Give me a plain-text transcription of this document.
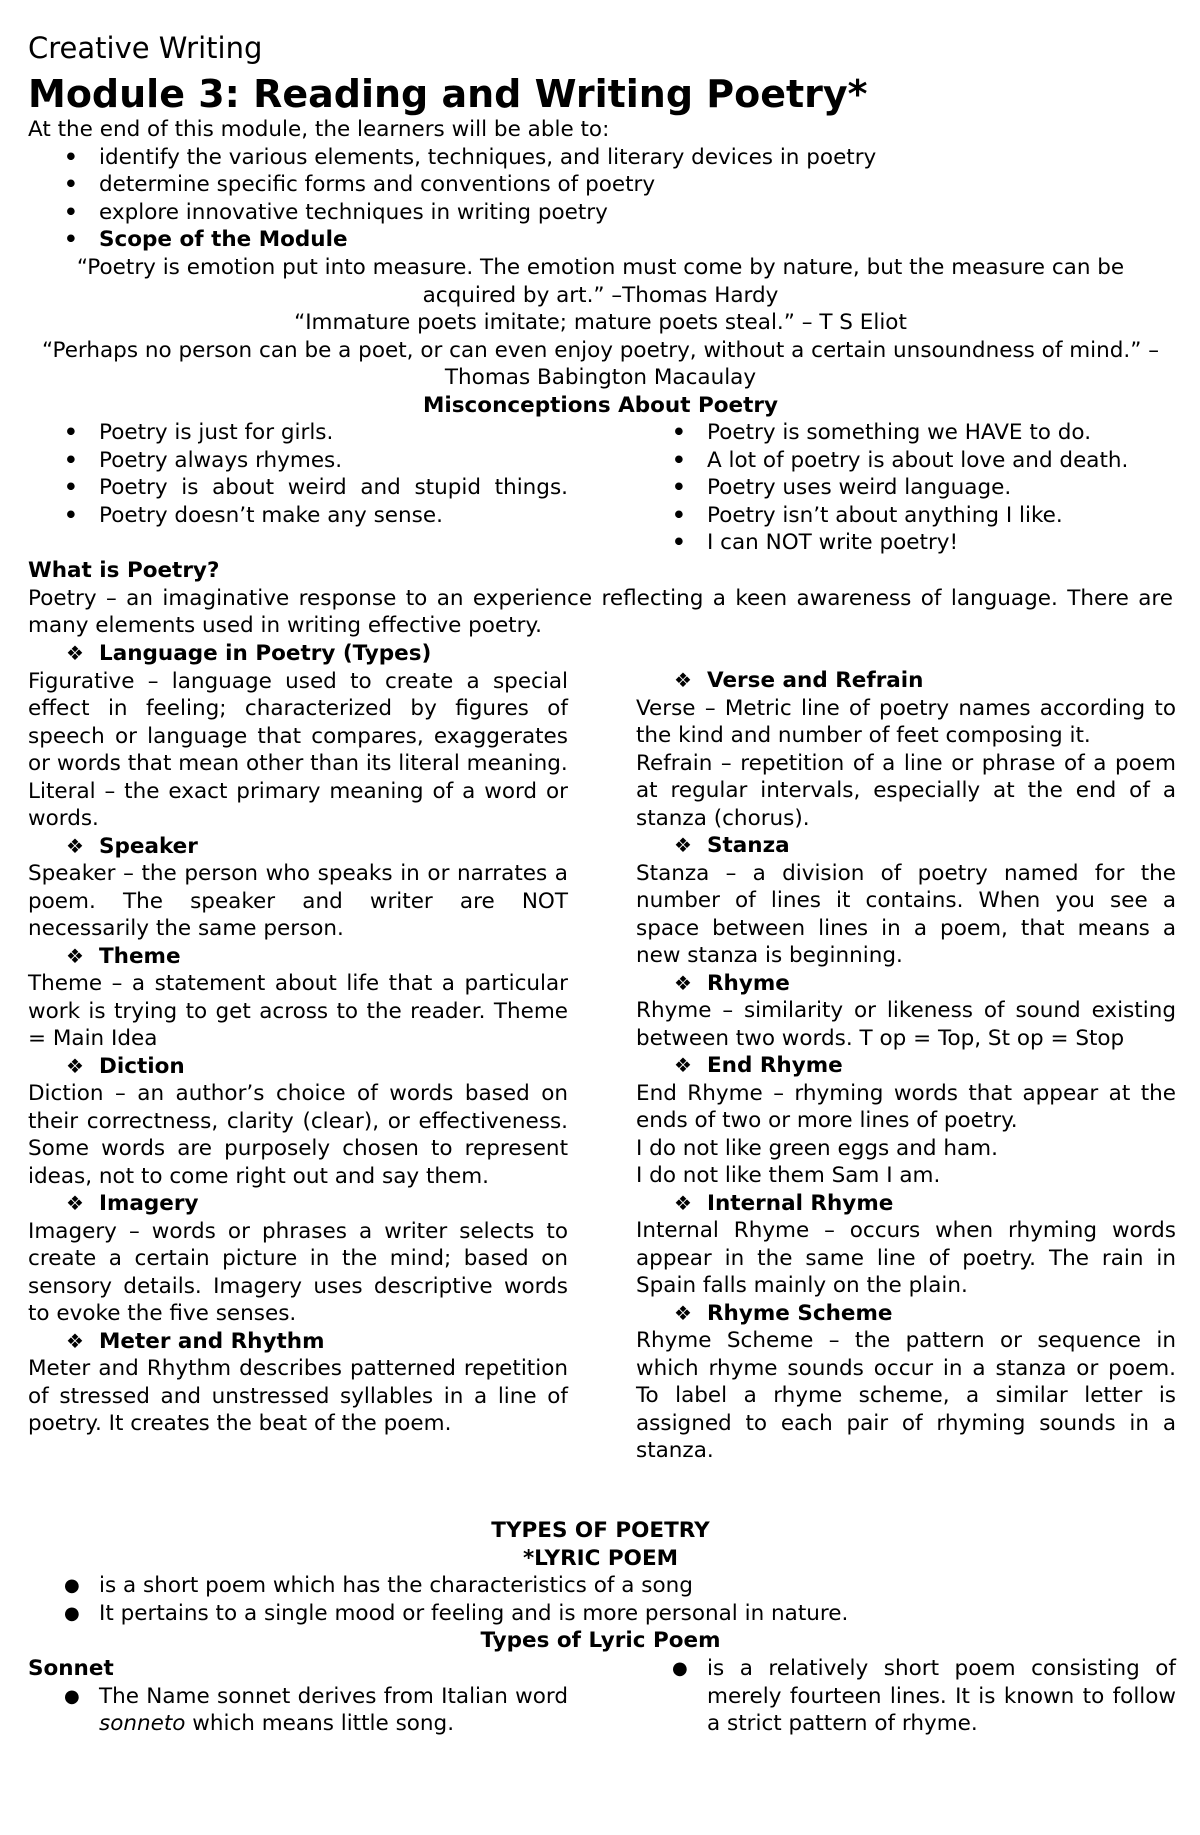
Creative Writing
Module 3: Reading and Writing Poetry*

At the end of this module, the learners will be able to:

• identify the various elements, techniques, and literary devices in poetry
• determine specific forms and conventions of poetry
• explore innovative techniques in writing poetry
• Scope of the Module

“Poetry is emotion put into measure. The emotion must come by nature, but the measure can be acquired by art.” –Thomas Hardy

“Immature poets imitate; mature poets steal.” – T S Eliot

“Perhaps no person can be a poet, or can even enjoy poetry, without a certain unsoundness of mind.” – Thomas Babington Macaulay

Misconceptions About Poetry

• Poetry is just for girls.
• Poetry always rhymes.
• Poetry is about weird and stupid things.
• Poetry doesn’t make any sense.
• Poetry is something we HAVE to do.
• A lot of poetry is about love and death.
• Poetry uses weird language.
• Poetry isn’t about anything I like.
• I can NOT write poetry!

What is Poetry?

Poetry – an imaginative response to an experience reflecting a keen awareness of language. There are many elements used in writing effective poetry.

❖ Language in Poetry (Types)

Figurative – language used to create a special effect in feeling; characterized by figures of speech or language that compares, exaggerates or words that mean other than its literal meaning.

Literal – the exact primary meaning of a word or words.

❖ Speaker

Speaker – the person who speaks in or narrates a poem. The speaker and writer are NOT necessarily the same person.

❖ Theme

Theme – a statement about life that a particular work is trying to get across to the reader. Theme = Main Idea

❖ Diction

Diction – an author’s choice of words based on their correctness, clarity (clear), or effectiveness. Some words are purposely chosen to represent ideas, not to come right out and say them.

❖ Imagery

Imagery – words or phrases a writer selects to create a certain picture in the mind; based on sensory details. Imagery uses descriptive words to evoke the five senses.

❖ Meter and Rhythm

Meter and Rhythm describes patterned repetition of stressed and unstressed syllables in a line of poetry. It creates the beat of the poem.

❖ Verse and Refrain

Verse – Metric line of poetry names according to the kind and number of feet composing it.

Refrain – repetition of a line or phrase of a poem at regular intervals, especially at the end of a stanza (chorus).

❖ Stanza

Stanza – a division of poetry named for the number of lines it contains. When you see a space between lines in a poem, that means a new stanza is beginning.

❖ Rhyme

Rhyme – similarity or likeness of sound existing between two words. T op = Top, St op = Stop

❖ End Rhyme

End Rhyme – rhyming words that appear at the ends of two or more lines of poetry.

I do not like green eggs and ham.

I do not like them Sam I am.

❖ Internal Rhyme

Internal Rhyme – occurs when rhyming words appear in the same line of poetry. The rain in Spain falls mainly on the plain.

❖ Rhyme Scheme

Rhyme Scheme – the pattern or sequence in which rhyme sounds occur in a stanza or poem. To label a rhyme scheme, a similar letter is assigned to each pair of rhyming sounds in a stanza.

TYPES OF POETRY

*LYRIC POEM

● is a short poem which has the characteristics of a song
● It pertains to a single mood or feeling and is more personal in nature.

Types of Lyric Poem

Sonnet

● The Name sonnet derives from Italian word sonneto which means little song.
● is a relatively short poem consisting of merely fourteen lines. It is known to follow a strict pattern of rhyme.
